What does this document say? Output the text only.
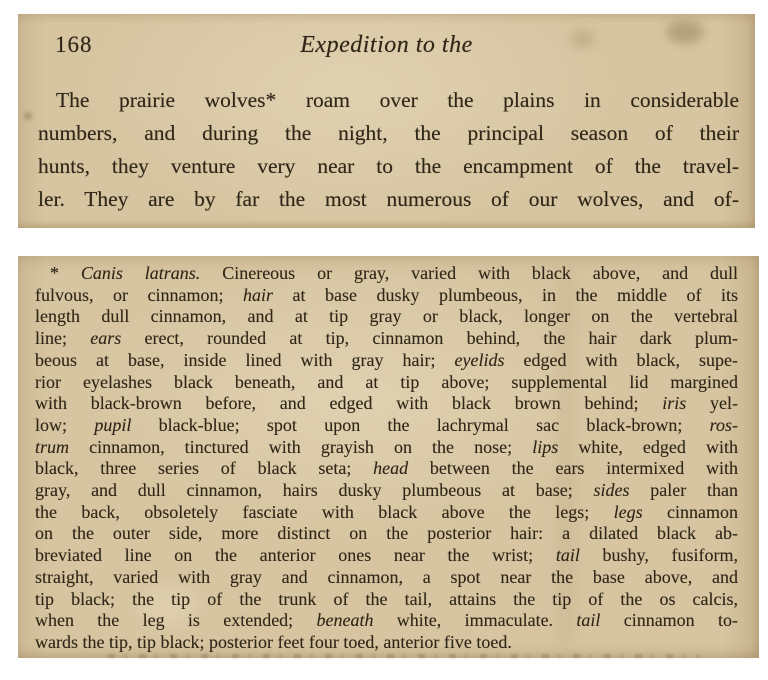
168	Expedition to the
The prairie wolves* roam over the plains in considerable
numbers, and during the night, the principal season of their
hunts, they venture very near to the encampment of the travel-
ler. They are by far the most numerous of our wolves, and of-
* Canis latrans. Cinereous or gray, varied with black above, and dull
fulvous, or cinnamon; hair at base dusky plumbeous, in the middle of its
length dull cinnamon, and at tip gray or black, longer on the vertebral
line; ears erect, rounded at tip, cinnamon behind, the hair dark plum-
beous at base, inside lined with gray hair; eyelids edged with black, supe-
rior eyelashes black beneath, and at tip above; supplemental lid margined
with black-brown before, and edged with black brown behind; iris yel-
low; pupil black-blue; spot upon the lachrymal sac black-brown; ros-
trum cinnamon, tinctured with grayish on the nose; lips white, edged with
black, three series of black seta; head between the ears intermixed with
gray, and dull cinnamon, hairs dusky plumbeous at base; sides paler than
the back, obsoletely fasciate with black above the legs; legs cinnamon
on the outer side, more distinct on the posterior hair: a dilated black ab-
breviated line on the anterior ones near the wrist; tail bushy, fusiform,
straight, varied with gray and cinnamon, a spot near the base above, and
tip black; the tip of the trunk of the tail, attains the tip of the os calcis,
when the leg is extended; beneath white, immaculate. tail cinnamon to-
wards the tip, tip black; posterior feet four toed, anterior five toed.
